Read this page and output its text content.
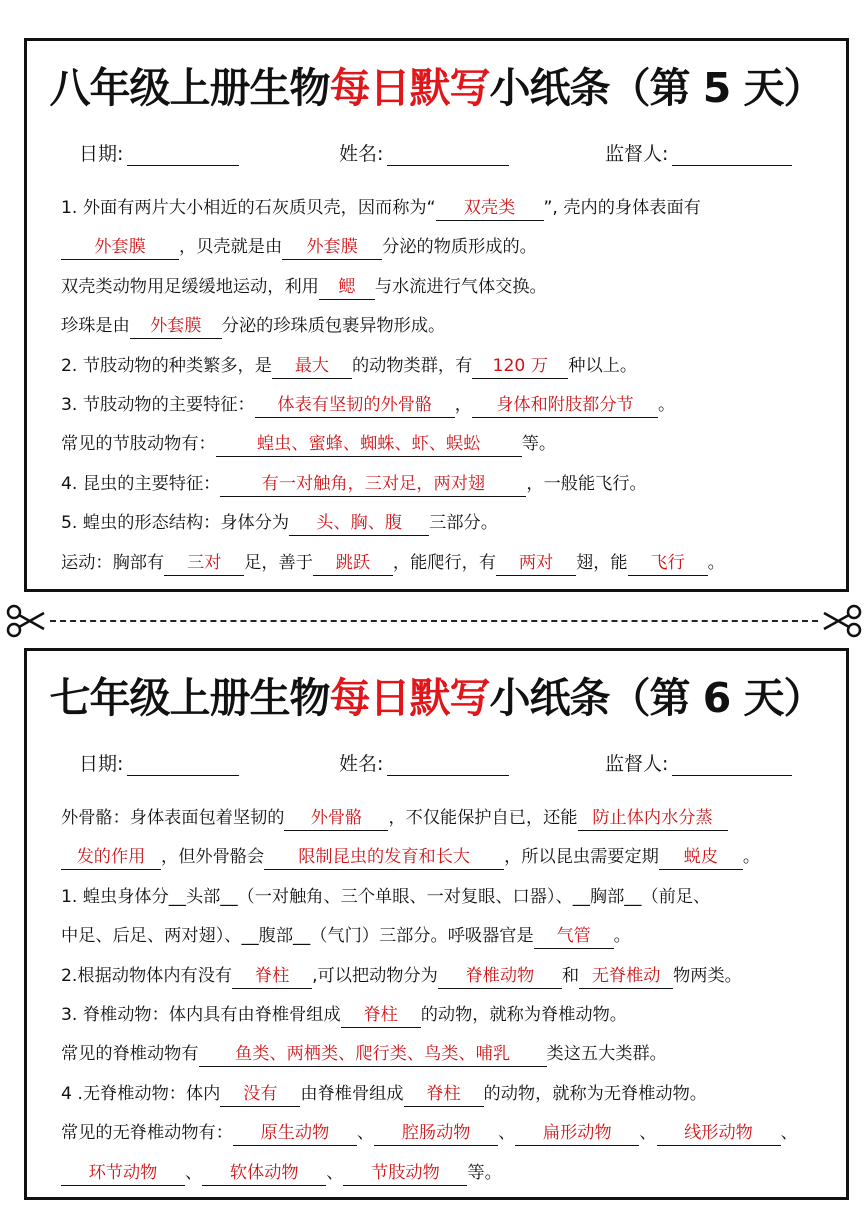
八年级上册生物每日默写小纸条（第 5 天）
日期:	姓名:	监督人:

1. 外面有两片大小相近的石灰质贝壳，因而称为“ 双壳类 ”, 壳内的身体表面有

外套膜 ，贝壳就是由 外套膜 分泌的物质形成的。

双壳类动物用足缓缓地运动，利用 鳃 与水流进行气体交换。

珍珠是由 外套膜 分泌的珍珠质包裹异物形成。

2. 节肢动物的种类繁多，是 最大 的动物类群，有 120 万 种以上。

3. 节肢动物的主要特征： 体表有坚韧的外骨骼 ， 身体和附肢都分节 。

常见的节肢动物有： 蝗虫、蜜蜂、蜘蛛、虾、蜈蚣 等。

4. 昆虫的主要特征： 有一对触角，三对足，两对翅 ，一般能飞行。

5. 蝗虫的形态结构：身体分为 头、胸、腹 三部分。

运动：胸部有 三对 足，善于 跳跃 ，能爬行，有 两对 翅，能 飞行 。

七年级上册生物每日默写小纸条（第 6 天）
日期:	姓名:	监督人:

外骨骼：身体表面包着坚韧的 外骨骼 ，不仅能保护自已，还能 防止体内水分蒸

发的作用 ，但外骨骼会 限制昆虫的发育和长大 ，所以昆虫需要定期 蜕皮 。

1. 蝗虫身体分__头部__（一对触角、三个单眼、一对复眼、口器）、__胸部__（前足、

中足、后足、两对翅）、__腹部__（气门）三部分。呼吸器官是 气管 。

2.根据动物体内有没有 脊柱 ,可以把动物分为 脊椎动物 和 无脊椎动 物两类。

3. 脊椎动物：体内具有由脊椎骨组成 脊柱 的动物，就称为脊椎动物。

常见的脊椎动物有 鱼类、两栖类、爬行类、鸟类、哺乳 类这五大类群。

4 .无脊椎动物：体内 没有 由脊椎骨组成 脊柱 的动物，就称为无脊椎动物。

常见的无脊椎动物有： 原生动物 、 腔肠动物 、 扁形动物 、 线形动物 、

环节动物 、 软体动物 、 节肢动物 等。
